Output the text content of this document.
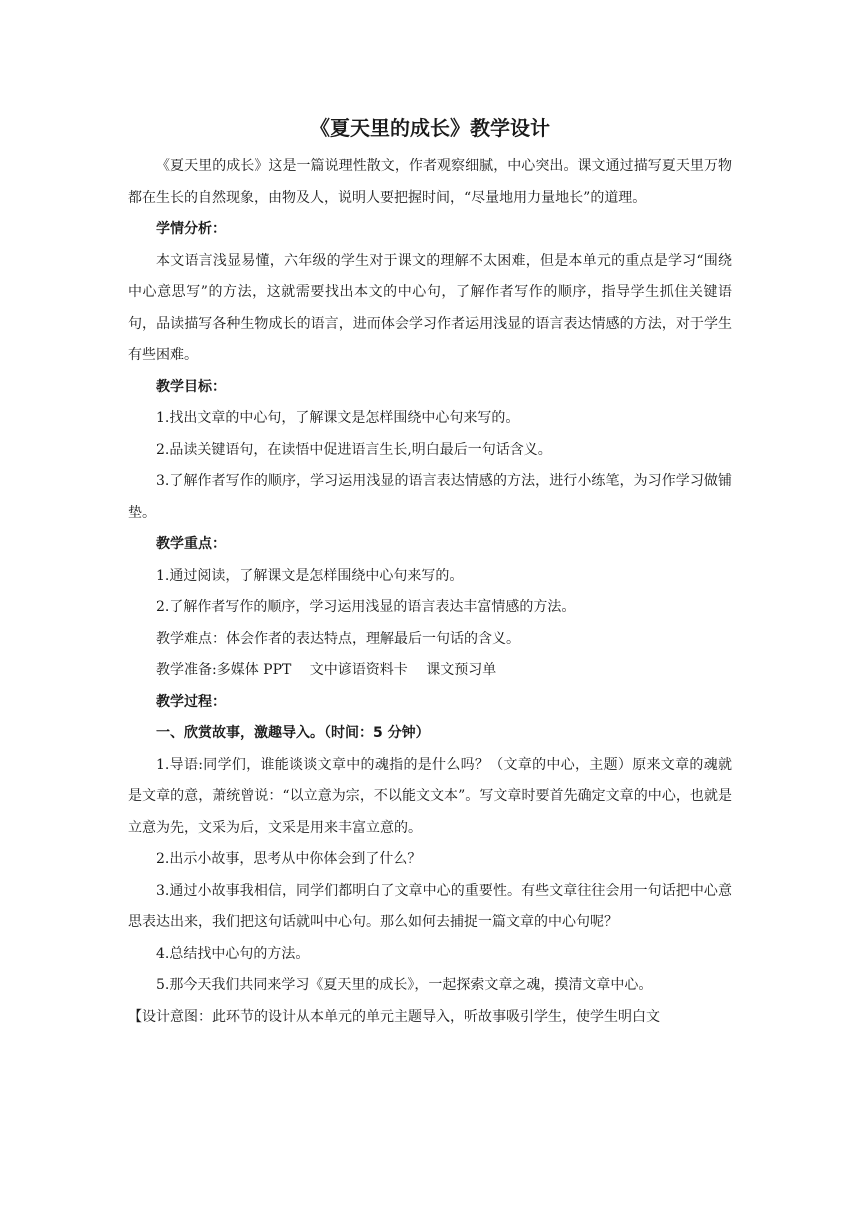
《夏天里的成长》教学设计

《夏天里的成长》这是一篇说理性散文，作者观察细腻，中心突出。课文通过描写夏天里万物都在生长的自然现象，由物及人，说明人要把握时间，“尽量地用力量地长”的道理。

学情分析：

本文语言浅显易懂，六年级的学生对于课文的理解不太困难，但是本单元的重点是学习“围绕中心意思写”的方法，这就需要找出本文的中心句，了解作者写作的顺序，指导学生抓住关键语句，品读描写各种生物成长的语言，进而体会学习作者运用浅显的语言表达情感的方法，对于学生有些困难。

教学目标：

1.找出文章的中心句，了解课文是怎样围绕中心句来写的。

2.品读关键语句，在读悟中促进语言生长,明白最后一句话含义。

3.了解作者写作的顺序，学习运用浅显的语言表达情感的方法，进行小练笔，为习作学习做铺垫。

教学重点：

1.通过阅读，了解课文是怎样围绕中心句来写的。

2.了解作者写作的顺序，学习运用浅显的语言表达丰富情感的方法。

教学难点：体会作者的表达特点，理解最后一句话的含义。

教学准备:多媒体 PPT　 文中谚语资料卡　 课文预习单

教学过程：

一、欣赏故事，激趣导入。（时间：5 分钟）

1.导语:同学们，谁能谈谈文章中的魂指的是什么吗？（文章的中心，主题）原来文章的魂就是文章的意，萧统曾说：“以立意为宗，不以能文文本”。写文章时要首先确定文章的中心，也就是立意为先，文采为后，文采是用来丰富立意的。

2.出示小故事，思考从中你体会到了什么？

3.通过小故事我相信，同学们都明白了文章中心的重要性。有些文章往往会用一句话把中心意思表达出来，我们把这句话就叫中心句。那么如何去捕捉一篇文章的中心句呢？

4.总结找中心句的方法。

5.那今天我们共同来学习《夏天里的成长》，一起探索文章之魂，摸清文章中心。

【设计意图：此环节的设计从本单元的单元主题导入，听故事吸引学生，使学生明白文
